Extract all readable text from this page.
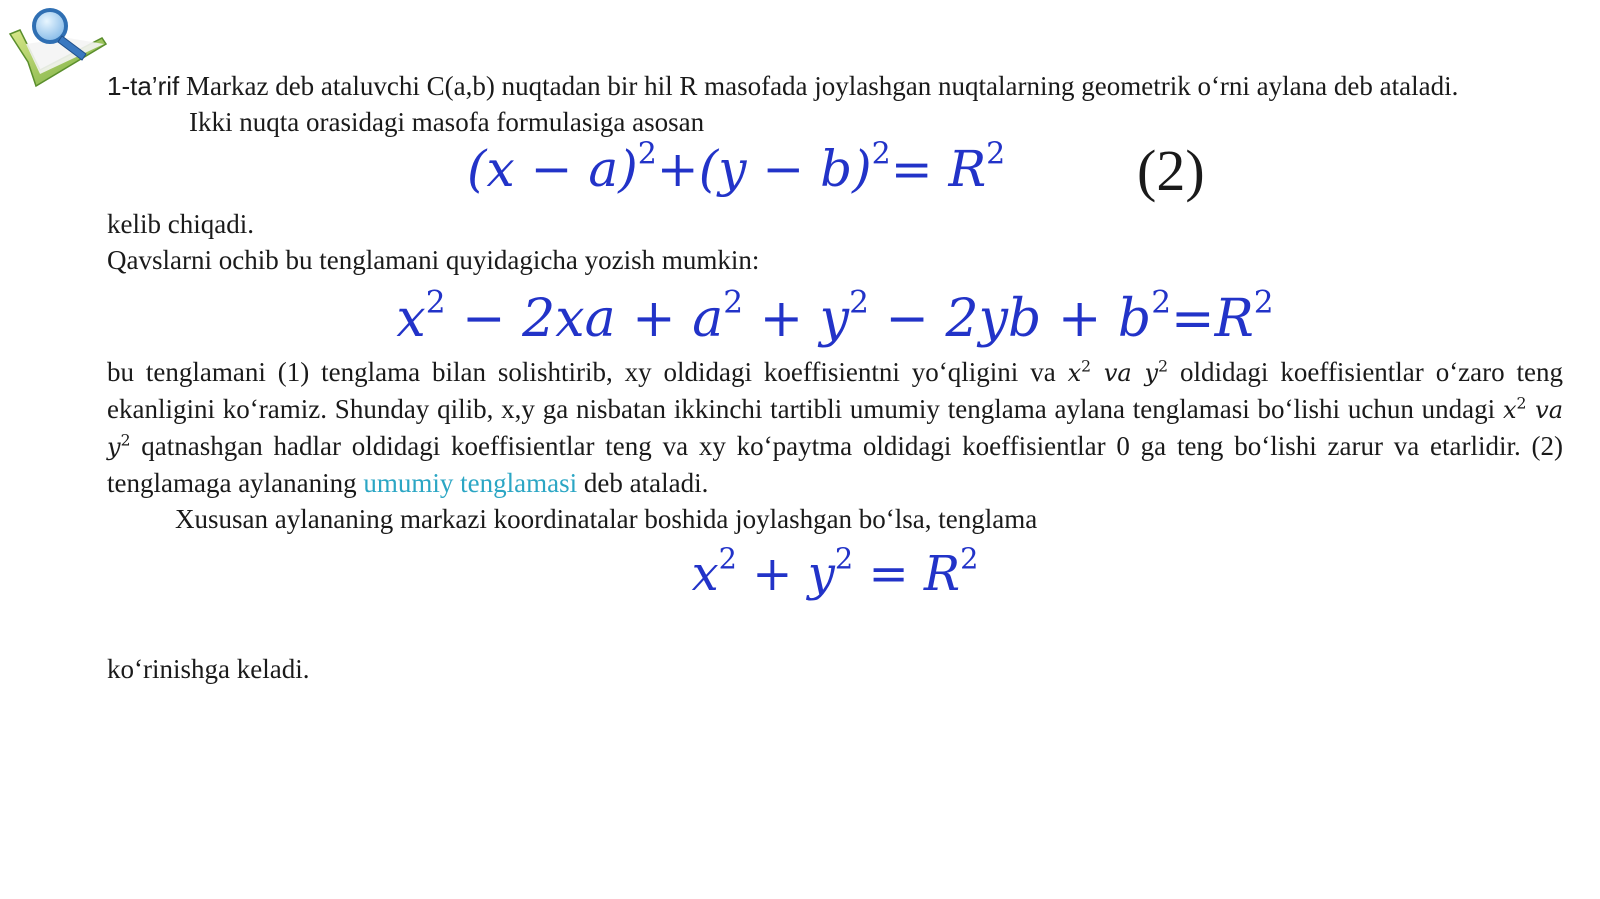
1-ta’rif Markaz deb ataluvchi C(a,b) nuqtadan bir hil R masofada joylashgan nuqtalarning geometrik o‘rni aylana deb ataladi.

Ikki nuqta orasidagi masofa formulasiga asosan

$(x - a)^2+(y - b)^2= R^2$ (2)

kelib chiqadi.

Qavslarni ochib bu tenglamani quyidagicha yozish mumkin:

$x^2 - 2xa + a^2 + y^2 - 2yb + b^2=R^2$

bu tenglamani (1) tenglama bilan solishtirib, xy oldidagi koeffisientni yo‘qligini va $x^2$ va $y^2$ oldidagi koeffisientlar o‘zaro teng ekanligini ko‘ramiz. Shunday qilib, x,y ga nisbatan ikkinchi tartibli umumiy tenglama aylana tenglamasi bo‘lishi uchun undagi $x^2$ va $y^2$ qatnashgan hadlar oldidagi koeffisientlar teng va xy ko‘paytma oldidagi koeffisientlar 0 ga teng bo‘lishi zarur va etarlidir. (2) tenglamaga aylananing umumiy tenglamasi deb ataladi.

Xususan aylananing markazi koordinatalar boshida joylashgan bo‘lsa, tenglama

$x^2 + y^2 = R^2$

ko‘rinishga keladi.
